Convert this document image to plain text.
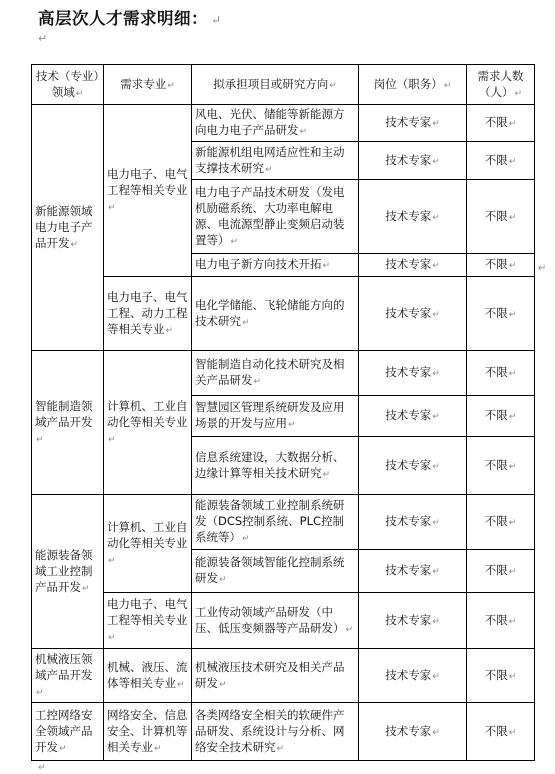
高层次人才需求明细： ↵
↵
技术（专业）领域↵	需求专业↵	拟承担项目或研究方向↵	岗位（职务）↵	需求人数（人）↵
新能源领域电力电子产品开发↵	电力电子、电气工程等相关专业↵	风电、光伏、储能等新能源方向电力电子产品研发↵	技术专家↵	不限↵
		新能源机组电网适应性和主动支撑技术研究↵	技术专家↵	不限↵
		电力电子产品技术研发（发电机励磁系统、大功率电解电源、电流源型静止变频启动装置等）↵	技术专家↵	不限↵
		电力电子新方向技术开拓↵	技术专家↵	不限↵
	电力电子、电气工程、动力工程等相关专业↵	电化学储能、飞轮储能方向的技术研究↵	技术专家↵	不限↵
智能制造领域产品开发↵	计算机、工业自动化等相关专业↵	智能制造自动化技术研究及相关产品研发↵	技术专家↵	不限↵
		智慧园区管理系统研发及应用场景的开发与应用↵	技术专家↵	不限↵
		信息系统建设，大数据分析、边缘计算等相关技术研究↵	技术专家↵	不限↵
能源装备领域工业控制产品开发↵	计算机、工业自动化等相关专业↵	能源装备领域工业控制系统研发（DCS控制系统、PLC控制系统等）↵	技术专家↵	不限↵
		能源装备领域智能化控制系统研发↵	技术专家↵	不限↵
	电力电子、电气工程等相关专业↵	工业传动领域产品研发（中压、低压变频器等产品研发）↵	技术专家↵	不限↵
机械液压领域产品开发↵	机械、液压、流体等相关专业↵	机械液压技术研究及相关产品研发↵	技术专家↵	不限↵
工控网络安全领域产品开发↵	网络安全、信息安全、计算机等相关专业↵	各类网络安全相关的软硬件产品研发、系统设计与分析、网络安全技术研究↵	技术专家↵	不限↵
↵
↵
